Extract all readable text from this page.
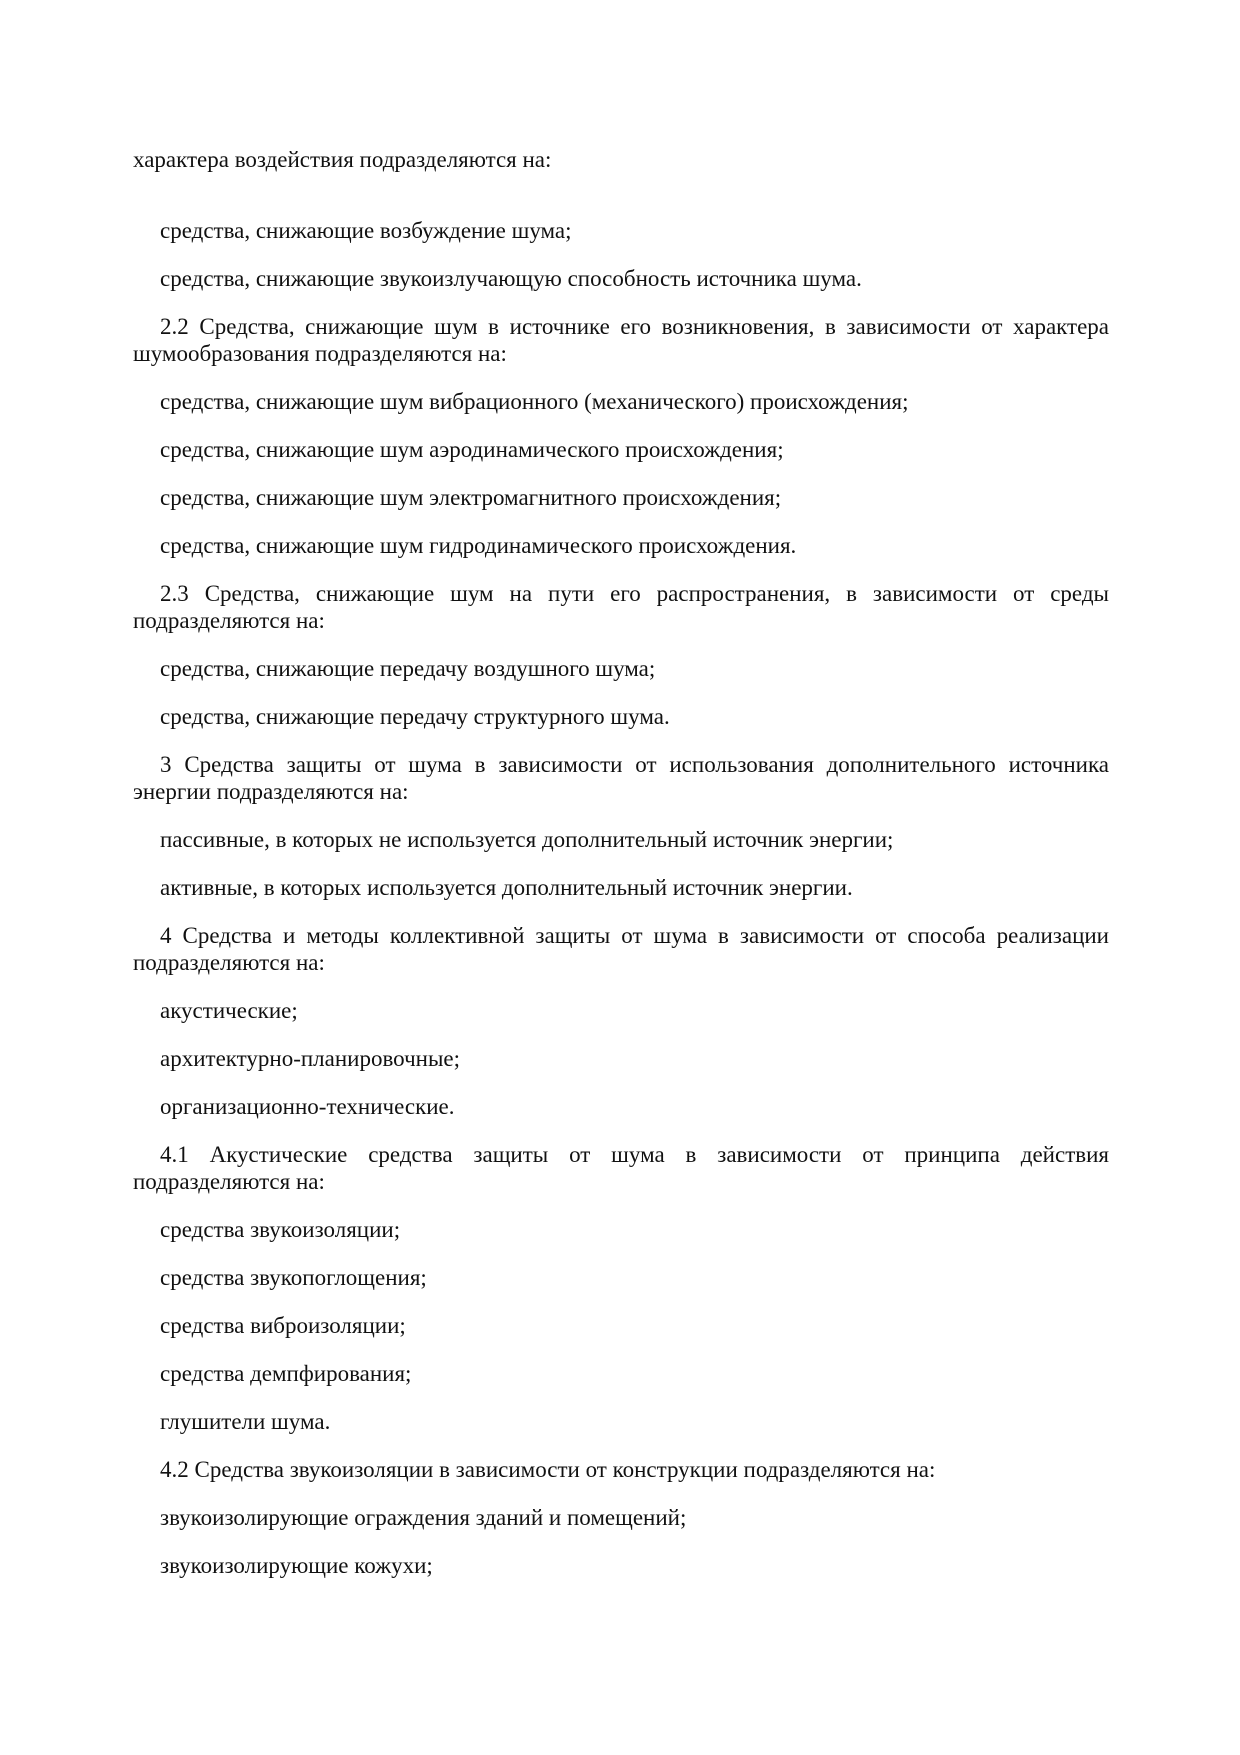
характера воздействия подразделяются на:

средства, снижающие возбуждение шума;

средства, снижающие звукоизлучающую способность источника шума.

2.2 Средства, снижающие шум в источнике его возникновения, в зависимости от характера шумообразования подразделяются на:

средства, снижающие шум вибрационного (механического) происхождения;

средства, снижающие шум аэродинамического происхождения;

средства, снижающие шум электромагнитного происхождения;

средства, снижающие шум гидродинамического происхождения.

2.3 Средства, снижающие шум на пути его распространения, в зависимости от среды подразделяются на:

средства, снижающие передачу воздушного шума;

средства, снижающие передачу структурного шума.

3 Средства защиты от шума в зависимости от использования дополнительного источника энергии подразделяются на:

пассивные, в которых не используется дополнительный источник энергии;

активные, в которых используется дополнительный источник энергии.

4 Средства и методы коллективной защиты от шума в зависимости от способа реализации подразделяются на:

акустические;

архитектурно-планировочные;

организационно-технические.

4.1 Акустические средства защиты от шума в зависимости от принципа действия подразделяются на:

средства звукоизоляции;

средства звукопоглощения;

средства виброизоляции;

средства демпфирования;

глушители шума.

4.2 Средства звукоизоляции в зависимости от конструкции подразделяются на:

звукоизолирующие ограждения зданий и помещений;

звукоизолирующие кожухи;
